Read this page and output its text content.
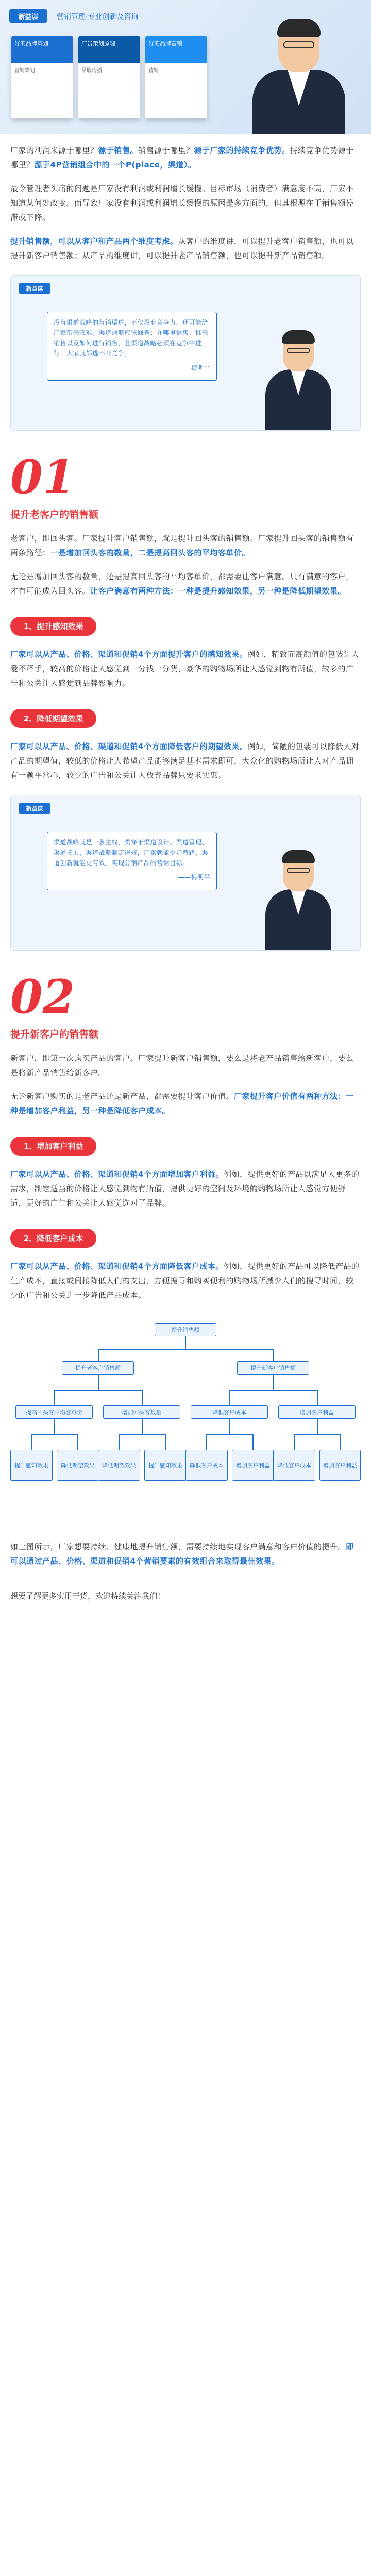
新益谋	营销管理·专业创新及咨询
好的品牌策划
营销策划
广告策划原理
品牌传播
好的品牌营销
营销

厂家的利润来源于哪里？源于销售。销售源于哪里？源于厂家的持续竞争优势。持续竞争优势源于哪里？源于4P营销组合中的一个P(place，渠道）。

最令管理者头痛的问题是厂家没有利润或利润增长缓慢。目标市场（消费者）满意度不高，厂家不知道从何处改变。而导致厂家没有利润或利润增长缓慢的原因是多方面的，但其根源在于销售额停滞或下降。

提升销售额，可以从客户和产品两个维度考虑。从客户的维度讲，可以提升老客户销售额，也可以提升新客户销售额；从产品的维度讲，可以提升老产品销售额，也可以提升新产品销售额。

新益谋

没有渠道战略的营销渠道，不仅没有竞争力，还可能给厂家带来灾难。渠道战略应该回答：在哪里销售、谁来销售以及如何进行销售，且渠道战略必须在竞争中进行，大家就都逃不开竞争。

——梅明平

01
提升老客户的销售额

老客户，即回头客。厂家提升客户销售额，就是提升回头客的销售额。厂家提升回头客的销售额有两条路径：一是增加回头客的数量，二是提高回头客的平均客单价。

无论是增加回头客的数量，还是提高回头客的平均客单价，都需要让客户满意。只有满意的客户，才有可能成为回头客。让客户满意有两种方法：一种是提升感知效果，另一种是降低期望效果。

1、提升感知效果

厂家可以从产品、价格、渠道和促销4个方面提升客户的感知效果。例如，精致而高颜值的包装让人爱不释手，较高的价格让人感觉到一分钱一分货，豪华的购物场所让人感觉到物有所值，较多的广告和公关让人感觉到品牌影响力。

2、降低期望效果

厂家可以从产品、价格、渠道和促销4个方面降低客户的期望效果。例如，简陋的包装可以降低人对产品的期望值，较低的价格让人希望产品能够满足基本需求即可，大众化的购物场所让人对产品拥有一颗平常心，较少的广告和公关让人放弃品牌只要求实惠。

新益谋

渠道战略就是一条主线，贯穿于渠道设计、渠道管理、渠道拓展，渠道战略制定得好，厂家就能少走弯路，渠道创新就能更有效，实现分销产品的营销目标。

——梅明平

02
提升新客户的销售额

新客户，即第一次购买产品的客户。厂家提升新客户销售额，要么是将老产品销售给新客户，要么是将新产品销售给新客户。

无论新客户购买的是老产品还是新产品，都需要提升客户价值。厂家提升客户价值有两种方法：一种是增加客户利益，另一种是降低客户成本。

1、增加客户利益

厂家可以从产品、价格、渠道和促销4个方面增加客户利益。例如，提供更好的产品以满足人更多的需求，制定适当的价格让人感觉到物有所值，提供更好的空间及环境的购物场所让人感觉方便舒适，更好的广告和公关让人感觉选对了品牌。

2、降低客户成本

厂家可以从产品、价格、渠道和促销4个方面降低客户成本。例如，提供更好的产品可以降低产品的生产成本，直接或间接降低人们的支出，方便搜寻和购买便利的购物场所减少人们的搜寻时间，较少的广告和公关进一步降低产品成本。

提升销售额
提升老客户销售额	提升新客户销售额
提高回头客平均客单价	增加回头客数量	降低客户成本	增加客户利益
提升感知效果	降低期望效果	降低期望效果	提升感知效果	降低客户成本	增加客户利益	降低客户成本	增加客户利益

如上图所示，厂家想要持续、健康地提升销售额，需要持续地实现客户满意和客户价值的提升。即可以通过产品、价格、渠道和促销4个营销要素的有效组合来取得最佳效果。

想要了解更多实用干货，欢迎持续关注我们！
